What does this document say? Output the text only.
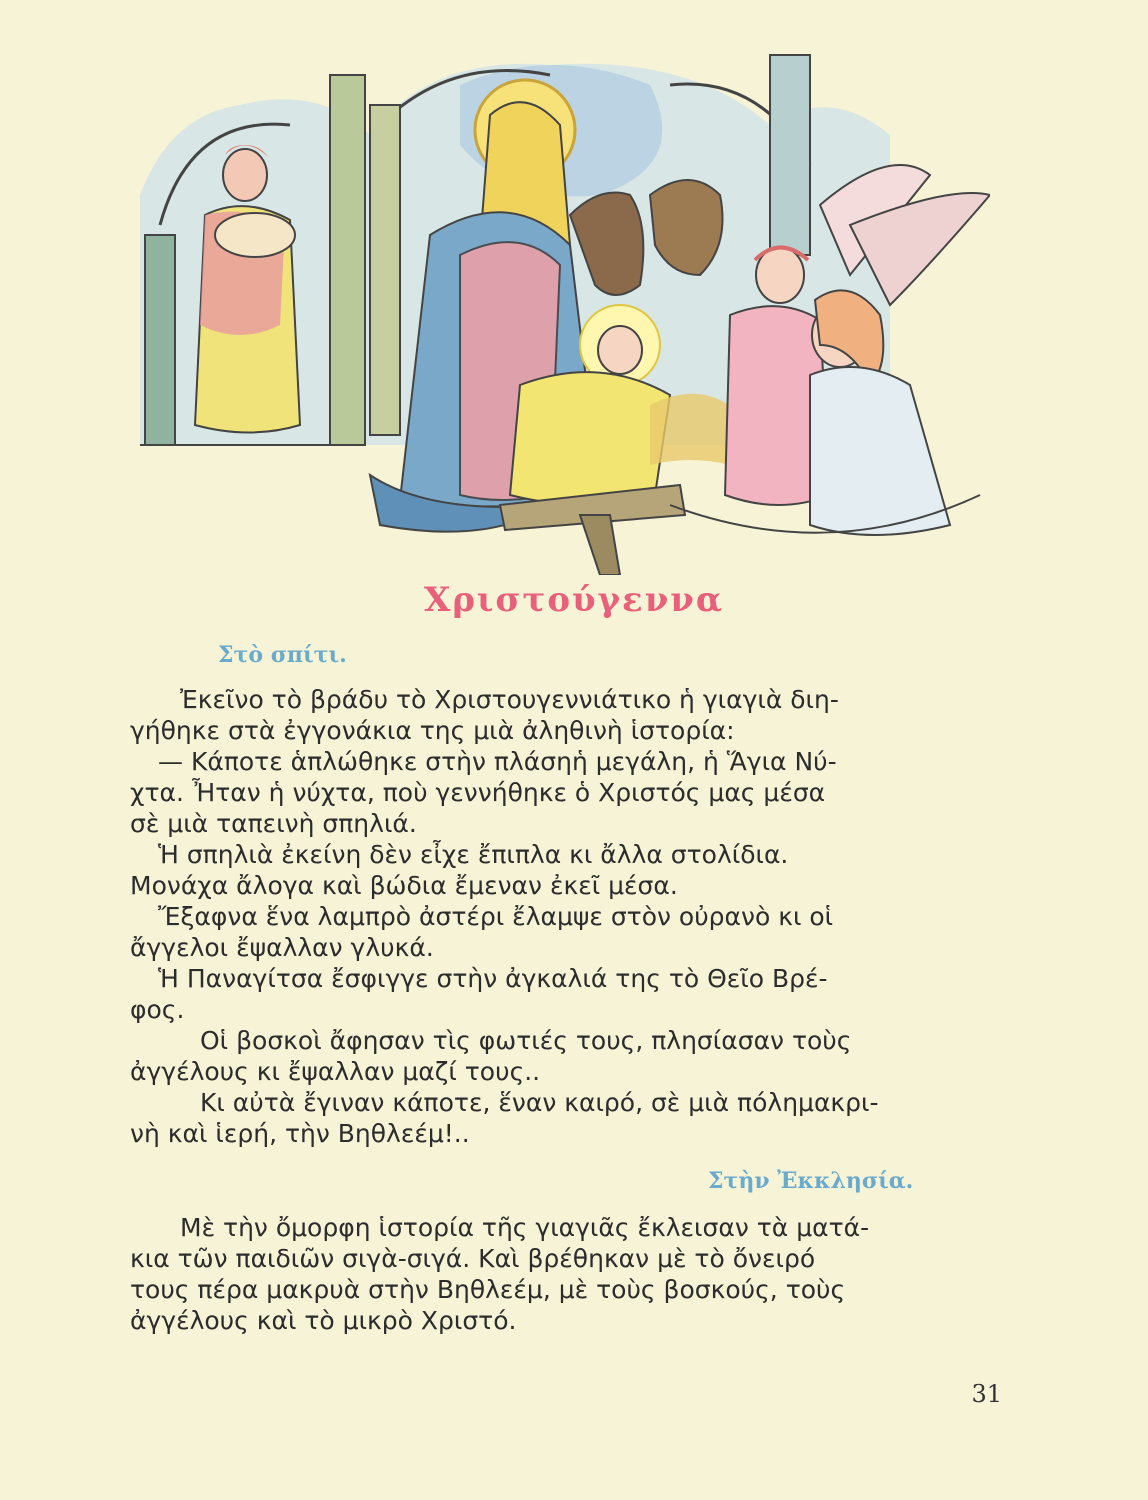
Χριστούγεννα
Στὸ σπίτι.
Ἐκεῖνο τὸ βράδυ τὸ Χριστουγεννιάτικο ἡ γιαγιὰ διη-
γήθηκε στὰ ἐγγονάκια της μιὰ ἀληθινὴ ἱστορία:
— Κάποτε ἁπλώθηκε στὴν πλάσηἡ μεγάλη, ἡ Ἅγια Νύ-
χτα. Ἦταν ἡ νύχτα, ποὺ γεννήθηκε ὁ Χριστός μας μέσα
σὲ μιὰ ταπεινὴ σπηλιά.
Ἡ σπηλιὰ ἐκείνη δὲν εἶχε ἔπιπλα κι ἄλλα στολίδια.
Μονάχα ἄλογα καὶ βώδια ἔμεναν ἐκεῖ μέσα.
Ἔξαφνα ἕνα λαμπρὸ ἀστέρι ἔλαμψε στὸν οὐρανὸ κι οἱ
ἄγγελοι ἔψαλλαν γλυκά.
Ἡ Παναγίτσα ἔσφιγγε στὴν ἀγκαλιά της τὸ Θεῖο Βρέ-
φος.
Οἱ βοσκοὶ ἄφησαν τὶς φωτιές τους, πλησίασαν τοὺς
ἀγγέλους κι ἔψαλλαν μαζί τους..
Κι αὐτὰ ἔγιναν κάποτε, ἕναν καιρό, σὲ μιὰ πόλημακρι-
νὴ καὶ ἱερή, τὴν Βηθλεέμ!..
Στὴν Ἐκκλησία.
Μὲ τὴν ὄμορφη ἱστορία τῆς γιαγιᾶς ἔκλεισαν τὰ ματά-
κια τῶν παιδιῶν σιγὰ-σιγά. Καὶ βρέθηκαν μὲ τὸ ὄνειρό
τους πέρα μακρυὰ στὴν Βηθλεέμ, μὲ τοὺς βοσκούς, τοὺς
ἀγγέλους καὶ τὸ μικρὸ Χριστό.
31
